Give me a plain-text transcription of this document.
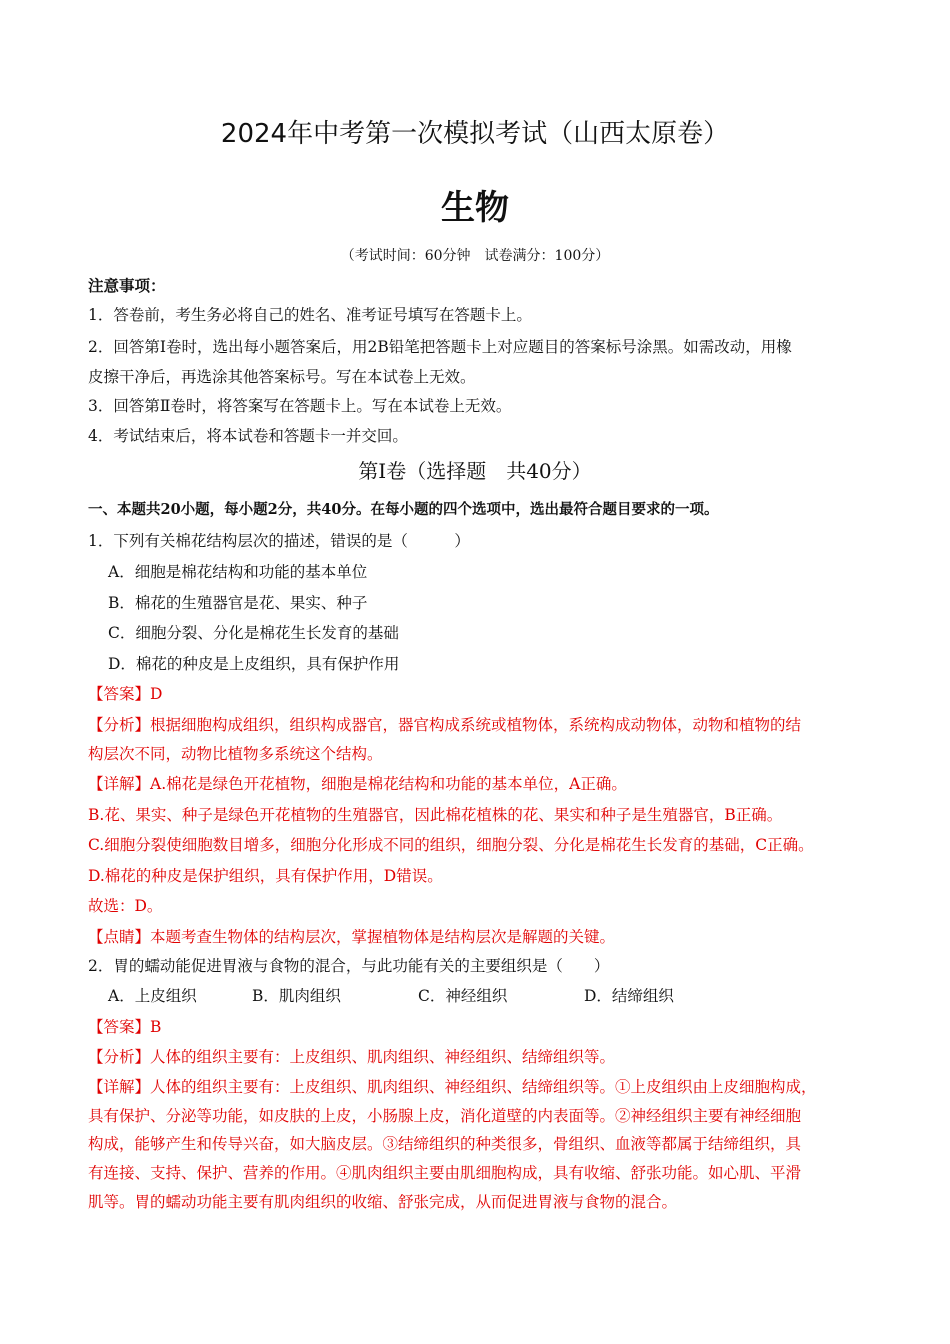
2024年中考第一次模拟考试（山西太原卷）
生物
（考试时间：60分钟　试卷满分：100分）
注意事项：
1．答卷前，考生务必将自己的姓名、准考证号填写在答题卡上。
2．回答第Ⅰ卷时，选出每小题答案后，用2B铅笔把答题卡上对应题目的答案标号涂黑。如需改动，用橡
皮擦干净后，再选涂其他答案标号。写在本试卷上无效。
3．回答第Ⅱ卷时，将答案写在答题卡上。写在本试卷上无效。
4．考试结束后，将本试卷和答题卡一并交回。
第Ⅰ卷（选择题　共40分）
一、本题共20小题，每小题2分，共40分。在每小题的四个选项中，选出最符合题目要求的一项。
1．下列有关棉花结构层次的描述，错误的是（　　　）
A．细胞是棉花结构和功能的基本单位
B．棉花的生殖器官是花、果实、种子
C．细胞分裂、分化是棉花生长发育的基础
D．棉花的种皮是上皮组织，具有保护作用
【答案】D
【分析】根据细胞构成组织，组织构成器官，器官构成系统或植物体，系统构成动物体，动物和植物的结
构层次不同，动物比植物多系统这个结构。
【详解】A.棉花是绿色开花植物，细胞是棉花结构和功能的基本单位，A正确。
B.花、果实、种子是绿色开花植物的生殖器官，因此棉花植株的花、果实和种子是生殖器官，B正确。
C.细胞分裂使细胞数目增多，细胞分化形成不同的组织，细胞分裂、分化是棉花生长发育的基础，C正确。
D.棉花的种皮是保护组织，具有保护作用，D错误。
故选：D。
【点睛】本题考查生物体的结构层次，掌握植物体是结构层次是解题的关键。
2．胃的蠕动能促进胃液与食物的混合，与此功能有关的主要组织是（　　）
A．上皮组织	B．肌肉组织	C．神经组织	D．结缔组织
【答案】B
【分析】人体的组织主要有：上皮组织、肌肉组织、神经组织、结缔组织等。
【详解】人体的组织主要有：上皮组织、肌肉组织、神经组织、结缔组织等。①上皮组织由上皮细胞构成，
具有保护、分泌等功能，如皮肤的上皮，小肠腺上皮，消化道壁的内表面等。②神经组织主要有神经细胞
构成，能够产生和传导兴奋，如大脑皮层。③结缔组织的种类很多，骨组织、血液等都属于结缔组织，具
有连接、支持、保护、营养的作用。④肌肉组织主要由肌细胞构成，具有收缩、舒张功能。如心肌、平滑
肌等。胃的蠕动功能主要有肌肉组织的收缩、舒张完成，从而促进胃液与食物的混合。
